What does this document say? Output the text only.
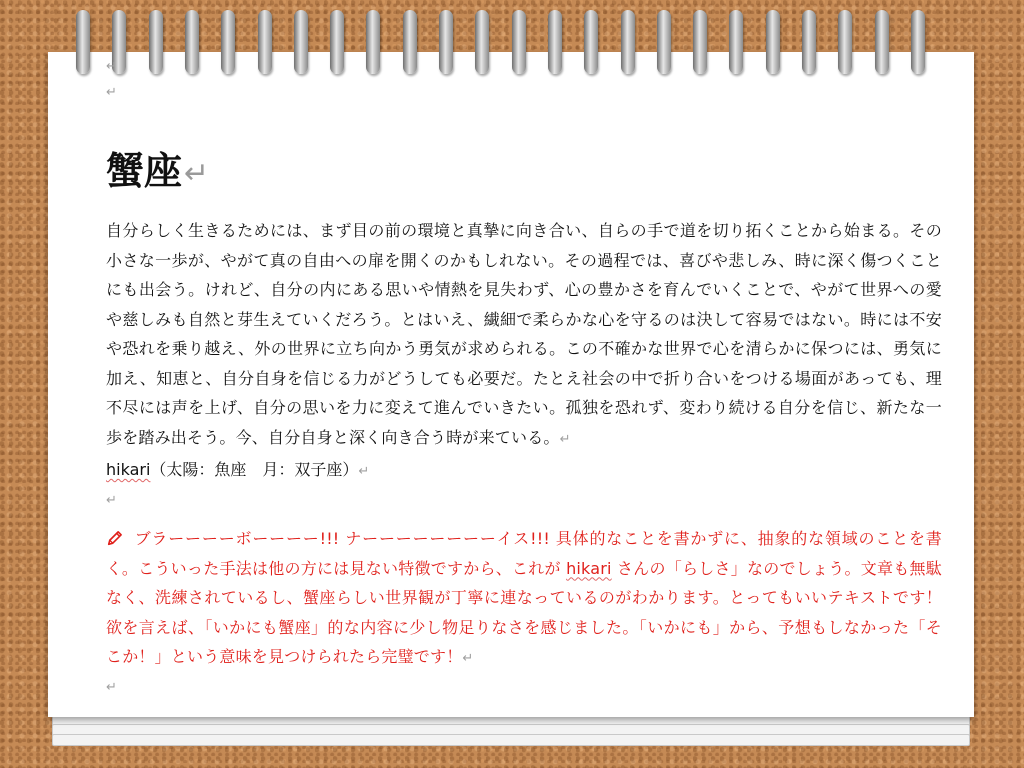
↵
↵
蟹座 ↵
自分らしく生きるためには、まず目の前の環境と真摯に向き合い、自らの手で道を切り拓くことから始まる。その小さな一歩が、やがて真の自由への扉を開くのかもしれない。その過程では、喜びや悲しみ、時に深く傷つくことにも出会う。けれど、自分の内にある思いや情熱を見失わず、心の豊かさを育んでいくことで、やがて世界への愛や慈しみも自然と芽生えていくだろう。とはいえ、繊細で柔らかな心を守るのは決して容易ではない。時には不安や恐れを乗り越え、外の世界に立ち向かう勇気が求められる。この不確かな世界で心を清らかに保つには、勇気に加え、知恵と、自分自身を信じる力がどうしても必要だ。たとえ社会の中で折り合いをつける場面があっても、理不尽には声を上げ、自分の思いを力に変えて進んでいきたい。孤独を恐れず、変わり続ける自分を信じ、新たな一歩を踏み出そう。今、自分自身と深く向き合う時が来ている。↵
hikari（太陽：魚座　月：双子座）↵
↵
ブラーーーーボーーーー!!! ナーーーーーーーーイス!!! 具体的なことを書かずに、抽象的な領域のことを書く。こういった手法は他の方には見ない特徴ですから、これが hikari さんの「らしさ」なのでしょう。文章も無駄なく、洗練されているし、蟹座らしい世界観が丁寧に連なっているのがわかります。とってもいいテキストです！欲を言えば、「いかにも蟹座」的な内容に少し物足りなさを感じました。「いかにも」から、予想もしなかった「そこか！」という意味を見つけられたら完璧です！↵
↵
